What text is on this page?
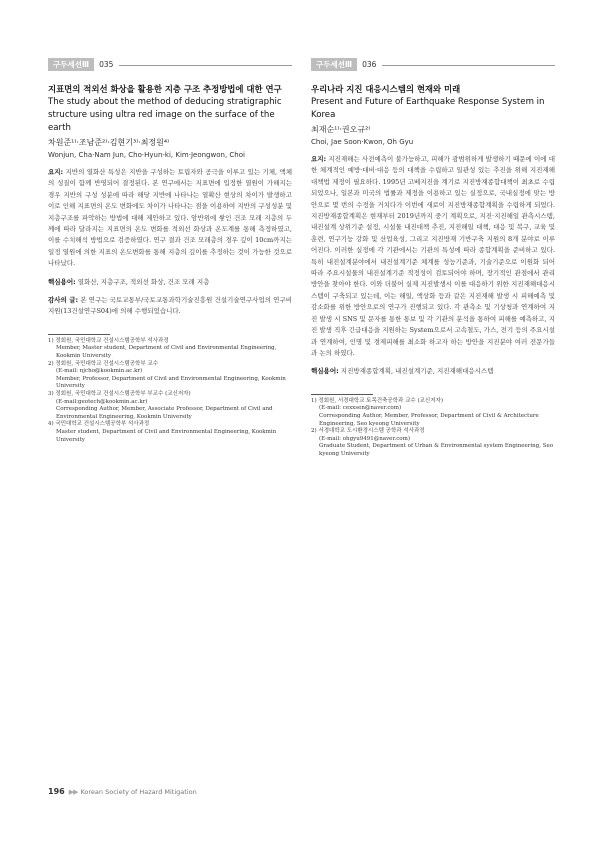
구두세션Ⅲ	035
지표면의 적외선 화상을 활용한 지층 구조 추정방법에 대한 연구
The study about the method of deducing stratigraphic structure using ultra red image on the surface of the earth
차원준¹⁾·조남준²⁾·김현기³⁾·최정원⁴⁾
Wonjun, Cha·Nam Jun, Cho·Hyun-ki, Kim·Jeongwon, Choi
요지: 지반의 열화산 특성은 지반을 구성하는 토립자와 공극을 이루고 있는 기체, 액체의 성질이 함께 반영되어 결정된다. 본 연구에서는 지표면에 입정한 열원이 가해지는 경우 지반의 구성 성분에 따라 해당 지반에 나타나는 열확산 현상의 차이가 발생하고 이로 인해 지표면의 온도 변화에도 차이가 나타나는 점을 이용하여 지반의 구성성분 및 지층구조를 파악하는 방법에 대해 제안하고 있다. 암반위에 쌓인 건조 모래 지층의 두께에 따라 달라지는 지표면의 온도 변화를 적외선 화상과 온도계를 통해 측정하였고, 이를 수치해석 방법으로 검증하였다. 연구 결과 건조 모래층의 경우 깊이 10cm까지는 일정 열원에 의한 지표의 온도변화를 통해 지층의 깊이를 추정하는 것이 가능한 것으로 나타났다.
핵심용어: 열화산, 지층구조, 적외선 화상, 건조 모래 지층
감사의 글: 본 연구는 국토교통부/국토교통과학기술진흥원 건설기술연구사업의 연구비지원(13건설연구S04)에 의해 수행되었습니다.
1) 정회원, 국민대학교 건설시스템공학부 석사과정
Member, Master student, Department of Civil and Environmental Engineering, Kookmin University
2) 정회원, 국민대학교 건설시스템공학부 교수
(E-mail: njcho@kookmin.ac.kr)
Member, Professor, Department of Civil and Environmental Engineering, Kookmin University
3) 정회원, 국민대학교 건설시스템공학부 부교수 (교신저자)
(E-mail:geotech@kookmin.ac.kr)
Corresponding Author, Member, Associate Professor, Department of Civil and Environmental Engineering, Kookmin University
4) 국민대학교 건설시스템공학부 석사과정
Master student, Department of Civil and Environmental Engineering, Kookmin University
구두세션Ⅲ	036
우리나라 지진 대응시스템의 현재와 미래
Present and Future of Earthquake Response System in Korea
최재순¹⁾·권오규²⁾
Choi, Jae Soon·Kwon, Oh Gyu
요지: 지진재해는 사전예측이 불가능하고, 피해가 광범위하게 발생하기 때문에 이에 대한 체계적인 예방·대비·대응 등의 대책을 수립하고 일관성 있는 추진을 위해 지진재해대책법 제정이 필요하다. 1995년 고베지진을 계기로 지진방재종합대책이 최초로 수립되었으나, 일본과 미국의 법률과 제정을 이용하고 있는 실정으로, 국내실정에 맞는 방안으로 몇 번의 수정을 거치다가 이번에 새로이 지진방재종합계획을 수립하게 되었다. 지진방재종합계획은 현재부터 2019년까지 중기 계획으로, 지진·지진해일 관측시스템, 내진설계 상위기준 설정, 시설물 내진대책 추진, 지진해일 대책, 대응 및 복구, 교육 및 훈련, 연구기능 강화 및 산업육성, 그리고 지진방재 기반구축 지원의 8개 분야로 이루어진다. 이러한 실정에 각 기관에서는 기관의 특성에 따라 종합계획을 준비하고 있다. 특히 내진설계분야에서 내진설계기준 체계를 성능기준과, 기술기준으로 이원화 되어 따라 주요시설물의 내진설계기준 적정성이 검토되어야 하며, 장기적인 관점에서 관리방안을 찾아야 한다. 이와 더불어 실제 지진발생시 이를 대응하기 위한 지진재해대응시스템이 구축되고 있는데, 이는 해일, 액상화 등과 같은 지진재해 발생 시 피해예측 및 감소화를 위한 방안으로의 연구가 진행되고 있다. 각 관측소 및 기상청과 연계하여 지진 발생 시 SNS 및 문자를 통한 통보 및 각 기관의 분석을 통하여 피해를 예측하고, 지진 발생 직후 긴급대응을 지원하는 System으로서 고속철도, 가스, 전기 등의 주요시설과 연계하여, 인명 및 경제피해를 최소화 하고자 하는 방안을 지진분야 여러 전문가들과 논의 하였다.
핵심용어: 지진방재종합계획, 내진설계기준, 지진재해대응시스템
1) 정회원, 서경대학교 토목건축공학과 교수 (교신저자)
(E-mail: cexxsen@naver.com)
Corresponding Author, Member, Professor, Department of Civil & Architecture Engineering, Seo kyeong University
2) 서경대학교 도시환경시스템 공학과 석사과정
(E-mail: ohgyu9491@naver.com)
Graduate Student, Department of Urban & Environmental system Engineering, Seo kyeong University
196 ▶▶ Korean Society of Hazard Mitigation
